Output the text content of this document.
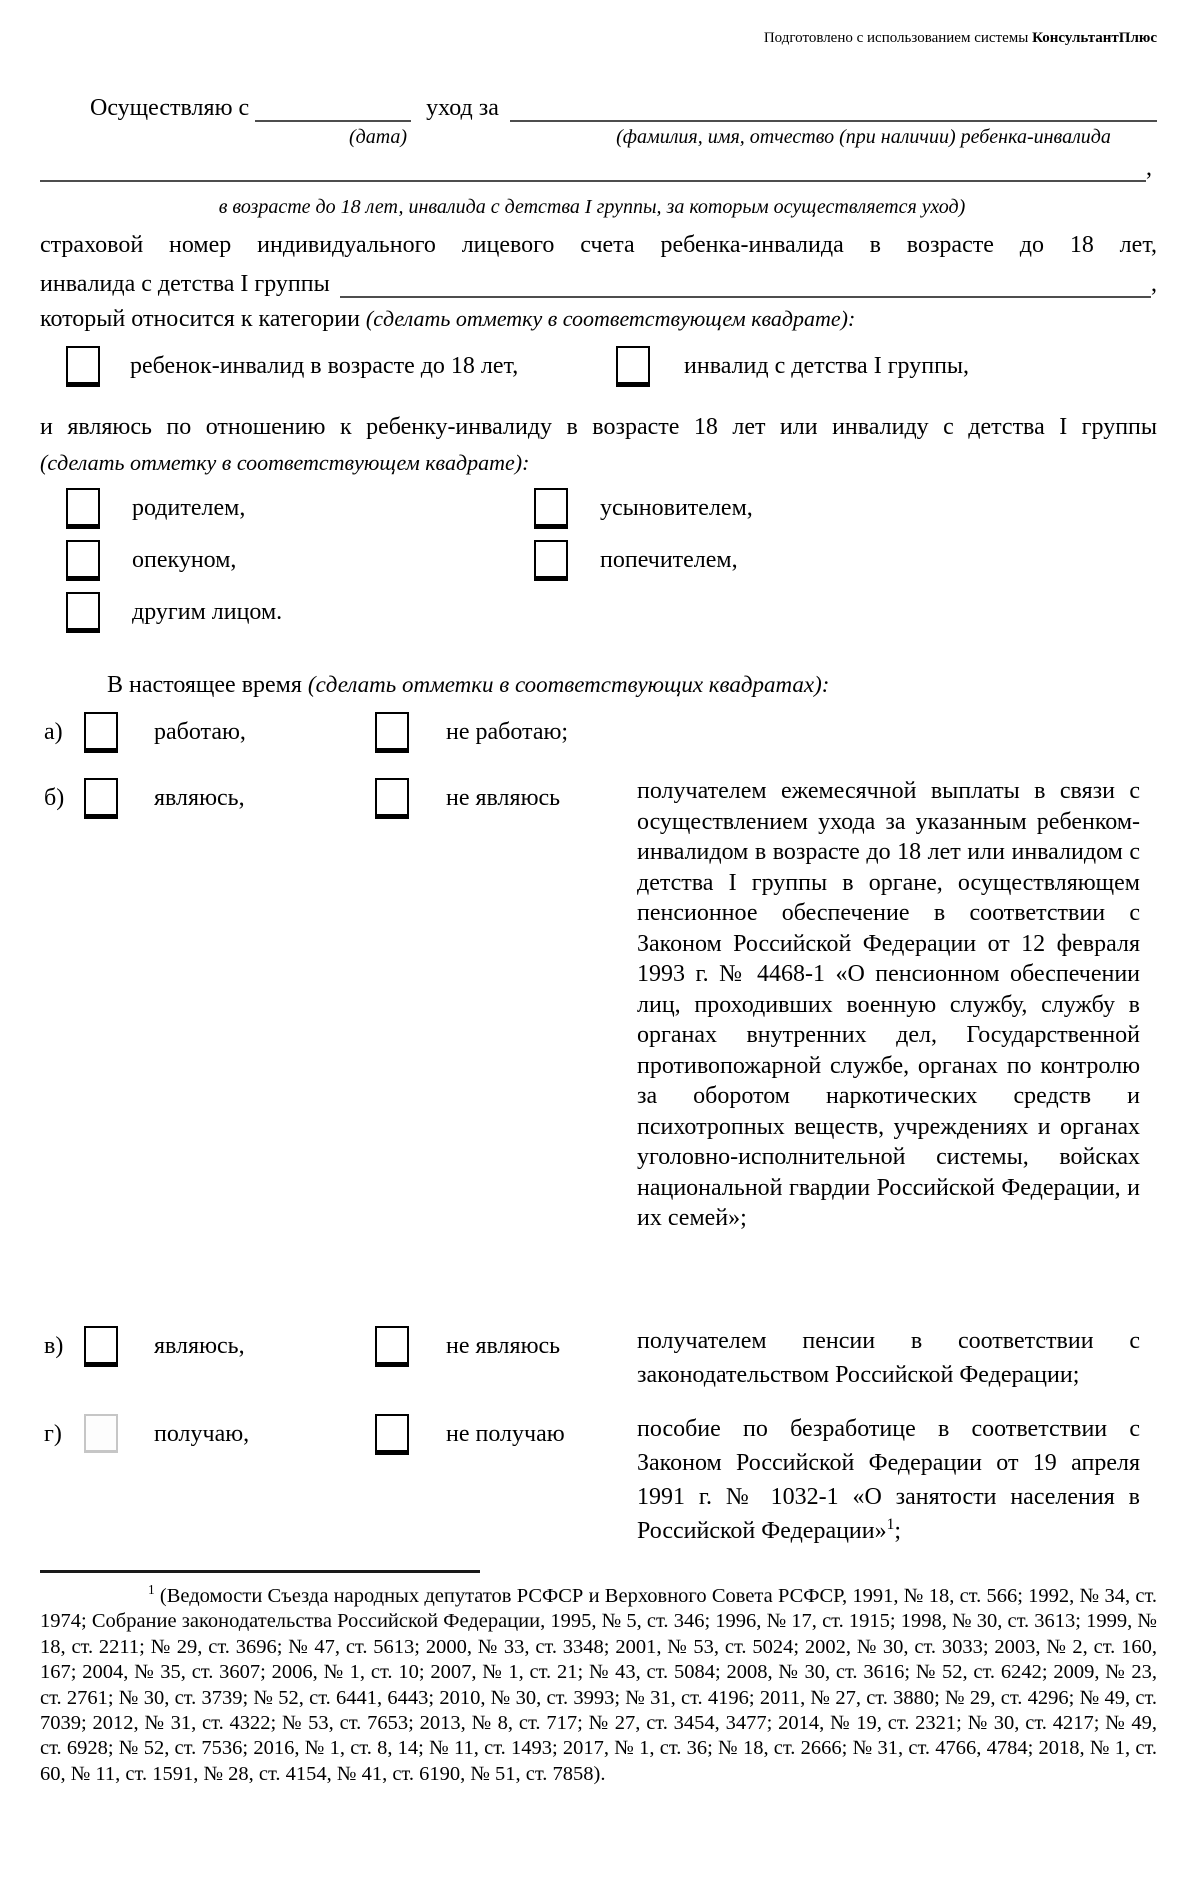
Подготовлено с использованием системы КонсультантПлюс
Осуществляю с	уход за
(дата)	(фамилия, имя, отчество (при наличии) ребенка-инвалида
,
в возрасте до 18 лет, инвалида с детства I группы, за которым осуществляется уход)
страховой номер индивидуального лицевого счета ребенка-инвалида в возрасте до 18 лет,
инвалида с детства I группы	,
который относится к категории (сделать отметку в соответствующем квадрате):
ребенок-инвалид в возрасте до 18 лет,	инвалид с детства I группы,
и являюсь по отношению к ребенку-инвалиду в возрасте 18 лет или инвалиду с детства I группы
(сделать отметку в соответствующем квадрате):
родителем,	усыновителем,
опекуном,	попечителем,
другим лицом.
В настоящее время (сделать отметки в соответствующих квадратах):
а)	работаю,	не работаю;
б)	являюсь,	не являюсь	получателем ежемесячной выплаты в связи с осуществлением ухода за указанным ребенком-инвалидом в возрасте до 18 лет или инвалидом с детства I группы в органе, осуществляющем пенсионное обеспечение в соответствии с Законом Российской Федерации от 12 февраля 1993 г. № 4468-1 «О пенсионном обеспечении лиц, проходивших военную службу, службу в органах внутренних дел, Государственной противопожарной службе, органах по контролю за оборотом наркотических средств и психотропных веществ, учреждениях и органах уголовно-исполнительной системы, войсках национальной гвардии Российской Федерации, и их семей»;
в)	являюсь,	не являюсь	получателем пенсии в соответствии с законодательством Российской Федерации;
г)	получаю,	не получаю	пособие по безработице в соответствии с Законом Российской Федерации от 19 апреля 1991 г. № 1032-1 «О занятости населения в Российской Федерации»$^1$;

$^1$ (Ведомости Съезда народных депутатов РСФСР и Верховного Совета РСФСР, 1991, № 18, ст. 566; 1992, № 34, ст. 1974; Собрание законодательства Российской Федерации, 1995, № 5, ст. 346; 1996, № 17, ст. 1915; 1998, № 30, ст. 3613; 1999, № 18, ст. 2211; № 29, ст. 3696; № 47, ст. 5613; 2000, № 33, ст. 3348; 2001, № 53, ст. 5024; 2002, № 30, ст. 3033; 2003, № 2, ст. 160, 167; 2004, № 35, ст. 3607; 2006, № 1, ст. 10; 2007, № 1, ст. 21; № 43, ст. 5084; 2008, № 30, ст. 3616; № 52, ст. 6242; 2009, № 23, ст. 2761; № 30, ст. 3739; № 52, ст. 6441, 6443; 2010, № 30, ст. 3993; № 31, ст. 4196; 2011, № 27, ст. 3880; № 29, ст. 4296; № 49, ст. 7039; 2012, № 31, ст. 4322; № 53, ст. 7653; 2013, № 8, ст. 717; № 27, ст. 3454, 3477; 2014, № 19, ст. 2321; № 30, ст. 4217; № 49, ст. 6928; № 52, ст. 7536; 2016, № 1, ст. 8, 14; № 11, ст. 1493; 2017, № 1, ст. 36; № 18, ст. 2666; № 31, ст. 4766, 4784; 2018, № 1, ст. 60, № 11, ст. 1591, № 28, ст. 4154, № 41, ст. 6190, № 51, ст. 7858).
